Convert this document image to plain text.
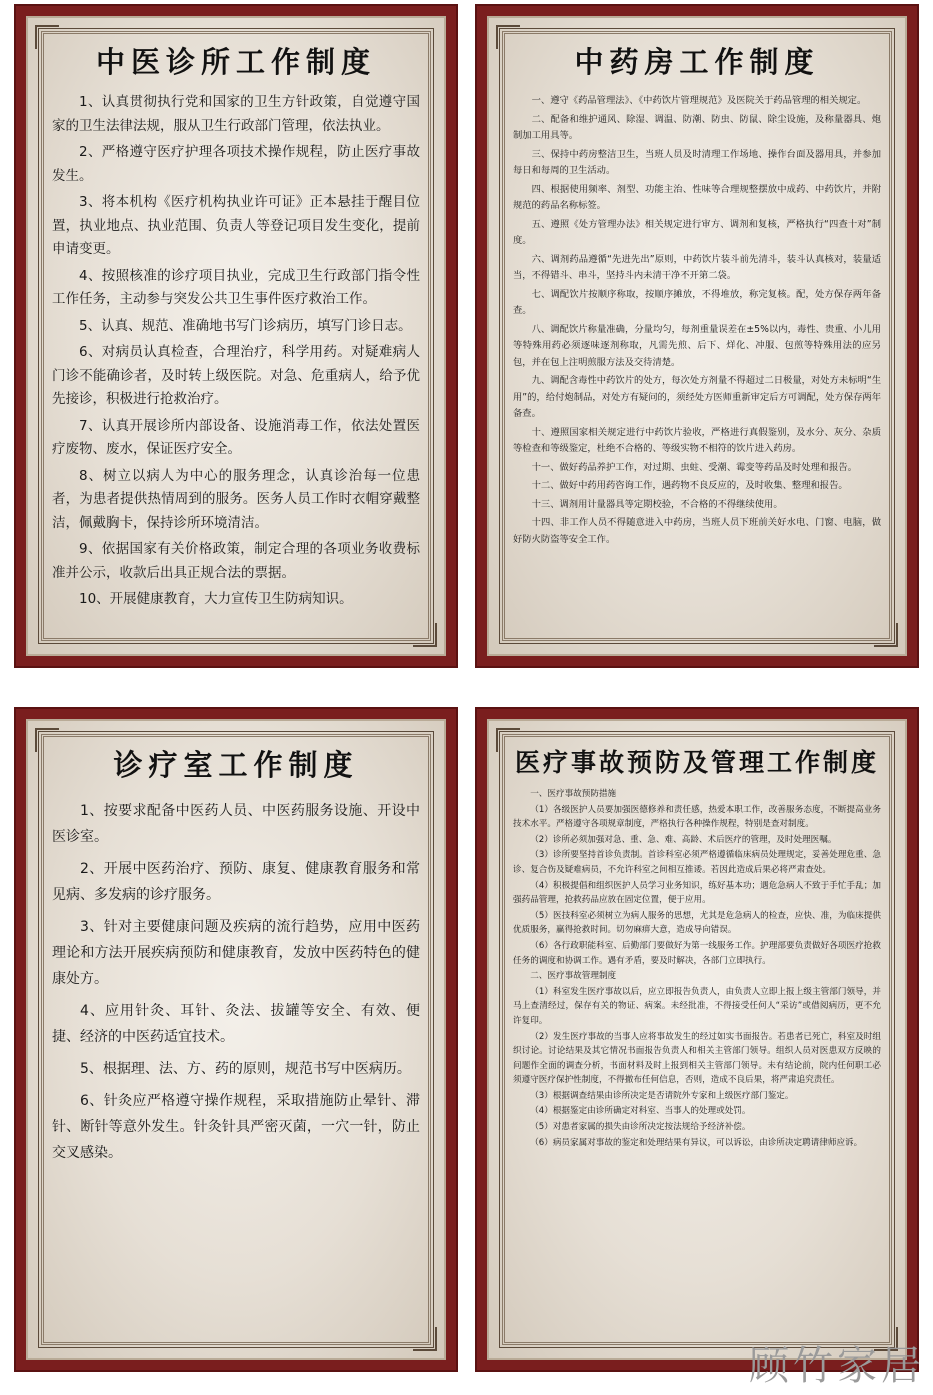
中医诊所工作制度

1、认真贯彻执行党和国家的卫生方针政策，自觉遵守国家的卫生法律法规，服从卫生行政部门管理，依法执业。

2、严格遵守医疗护理各项技术操作规程，防止医疗事故发生。

3、将本机构《医疗机构执业许可证》正本悬挂于醒目位置，执业地点、执业范围、负责人等登记项目发生变化，提前申请变更。

4、按照核准的诊疗项目执业，完成卫生行政部门指令性工作任务，主动参与突发公共卫生事件医疗救治工作。

5、认真、规范、准确地书写门诊病历，填写门诊日志。

6、对病员认真检查，合理治疗，科学用药。对疑难病人门诊不能确诊者，及时转上级医院。对急、危重病人，给予优先接诊，积极进行抢救治疗。

7、认真开展诊所内部设备、设施消毒工作，依法处置医疗废物、废水，保证医疗安全。

8、树立以病人为中心的服务理念，认真诊治每一位患者，为患者提供热情周到的服务。医务人员工作时衣帽穿戴整洁，佩戴胸卡，保持诊所环境清洁。

9、依据国家有关价格政策，制定合理的各项业务收费标准并公示，收款后出具正规合法的票据。

10、开展健康教育，大力宣传卫生防病知识。

中药房工作制度

一、遵守《药品管理法》、《中药饮片管理规范》及医院关于药品管理的相关规定。

二、配备和维护通风、除湿、调温、防潮、防虫、防鼠、除尘设施，及称量器具、炮制加工用具等。

三、保持中药房整洁卫生，当班人员及时清理工作场地、操作台面及器用具，并参加每日和每周的卫生活动。

四、根据使用频率、剂型、功能主治、性味等合理规整摆放中成药、中药饮片，并附规范的药品名称标签。

五、遵照《处方管理办法》相关规定进行审方、调剂和复核，严格执行“四查十对”制度。

六、调剂药品遵循“先进先出”原则，中药饮片装斗前先清斗，装斗认真核对，装量适当，不得错斗、串斗，坚持斗内未清干净不开第二袋。

七、调配饮片按顺序称取，按顺序摊放，不得堆放，称完复核。配，处方保存两年备查。

八、调配饮片称量准确，分量均匀，每剂重量误差在±5%以内，毒性、贵重、小儿用等特殊用药必须逐味逐剂称取，凡需先煎、后下、烊化、冲服、包煎等特殊用法的应另包，并在包上注明煎服方法及交待清楚。

九、调配含毒性中药饮片的处方，每次处方剂量不得超过二日极量，对处方未标明“生用”的，给付炮制品，对处方有疑问的，须经处方医师重新审定后方可调配，处方保存两年备查。

十、遵照国家相关规定进行中药饮片验收，严格进行真假鉴别，及水分、灰分、杂质等检查和等级鉴定，杜绝不合格的、等级实物不相符的饮片进入药房。

十一、做好药品养护工作，对过期、虫蛀、受潮、霉变等药品及时处理和报告。

十二、做好中药用药咨询工作，遇药物不良反应的，及时收集、整理和报告。

十三、调剂用计量器具等定期校验，不合格的不得继续使用。

十四、非工作人员不得随意进入中药房，当班人员下班前关好水电、门窗、电脑，做好防火防盗等安全工作。

诊疗室工作制度

1、按要求配备中医药人员、中医药服务设施、开设中医诊室。

2、开展中医药治疗、预防、康复、健康教育服务和常见病、多发病的诊疗服务。

3、针对主要健康问题及疾病的流行趋势，应用中医药理论和方法开展疾病预防和健康教育，发放中医药特色的健康处方。

4、应用针灸、耳针、灸法、拔罐等安全、有效、便捷、经济的中医药适宜技术。

5、根据理、法、方、药的原则，规范书写中医病历。

6、针灸应严格遵守操作规程，采取措施防止晕针、滞针、断针等意外发生。针灸针具严密灭菌，一穴一针，防止交叉感染。

医疗事故预防及管理工作制度

一、医疗事故预防措施

（1）各级医护人员要加强医德修养和责任感，热爱本职工作，改善服务态度，不断提高业务技术水平。严格遵守各项规章制度，严格执行各种操作规程，特别是查对制度。

（2）诊所必须加强对急、重、急、难、高龄、术后医疗的管理，及时处理医嘱。

（3）诊所要坚持首诊负责制。首诊科室必须严格遵循临床病员处理规定，妥善处理危重、急诊、复合伤及疑难病员，不允许科室之间相互推诿。若因此造成后果必将严肃查处。

（4）积极提倡和组织医护人员学习业务知识，练好基本功；遇危急病人不致于手忙手乱；加强药品管理，抢救药品应放在固定位置，便于应用。

（5）医技科室必须树立为病人服务的思想，尤其是危急病人的检查，应快、准，为临床提供优质服务，赢得抢救时间。切勿麻痹大意，造成导向错误。

（6）各行政职能科室、后勤部门要做好为第一线服务工作。护理部要负责做好各项医疗抢救任务的调度和协调工作。遇有矛盾，要及时解决，各部门立即执行。

二、医疗事故管理制度

（1）科室发生医疗事故以后，应立即报告负责人，由负责人立即上报上级主管部门领导，并马上查清经过，保存有关的物证、病案。未经批准，不得接受任何人“采访”或借阅病历，更不允许复印。

（2）发生医疗事故的当事人应将事故发生的经过如实书面报告。若患者已死亡，科室及时组织讨论。讨论结果及其它情况书面报告负责人和相关主管部门领导。组织人员对医患双方反映的问题作全面的调查分析，书面材料及时上报到相关主管部门领导。未有结论前，院内任何职工必须遵守医疗保护性制度，不得撤布任何信息，否则，造成不良后果，将严肃追究责任。

（3）根据调查结果由诊所决定是否请院外专家和上级医疗部门鉴定。

（4）根据鉴定由诊所确定对科室、当事人的处理或处罚。

（5）对患者家属的损失由诊所决定按法规给予经济补偿。

（6）病员家属对事故的鉴定和处理结果有异议，可以诉讼，由诊所决定聘请律师应诉。

顾竹家居
